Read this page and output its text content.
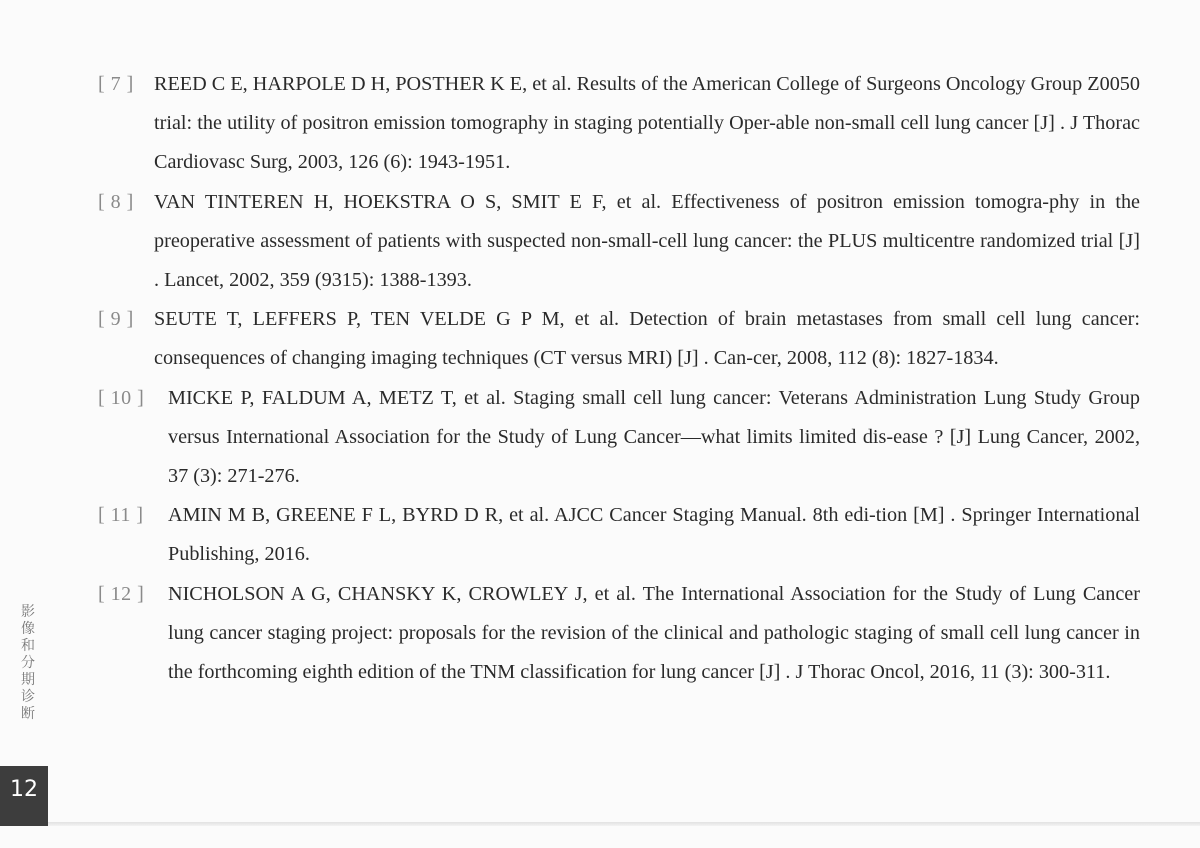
[ 7 ] REED C E, HARPOLE D H, POSTHER K E, et al. Results of the American College of Surgeons Oncology Group Z0050 trial: the utility of positron emission tomography in staging potentially Oper-able non-small cell lung cancer [J] . J Thorac Cardiovasc Surg, 2003, 126 (6): 1943-1951.
[ 8 ] VAN TINTEREN H, HOEKSTRA O S, SMIT E F, et al. Effectiveness of positron emission tomogra-phy in the preoperative assessment of patients with suspected non-small-cell lung cancer: the PLUS multicentre randomized trial [J] . Lancet, 2002, 359 (9315): 1388-1393.
[ 9 ] SEUTE T, LEFFERS P, TEN VELDE G P M, et al. Detection of brain metastases from small cell lung cancer: consequences of changing imaging techniques (CT versus MRI) [J] . Can-cer, 2008, 112 (8): 1827-1834.
[ 10 ]	MICKE P, FALDUM A, METZ T, et al. Staging small cell lung cancer: Veterans Administration Lung Study Group versus International Association for the Study of Lung Cancer—what limits limited dis-ease ? [J] Lung Cancer, 2002, 37 (3): 271-276.
[ 11 ]	AMIN M B, GREENE F L, BYRD D R, et al. AJCC Cancer Staging Manual. 8th edi-tion [M] . Springer International Publishing, 2016.
[ 12 ]	NICHOLSON A G, CHANSKY K, CROWLEY J, et al. The International Association for the Study of Lung Cancer lung cancer staging project: proposals for the revision of the clinical and pathologic staging of small cell lung cancer in the forthcoming eighth edition of the TNM classification for lung cancer [J] . J Thorac Oncol, 2016, 11 (3): 300-311.
影像和分期诊断
12
